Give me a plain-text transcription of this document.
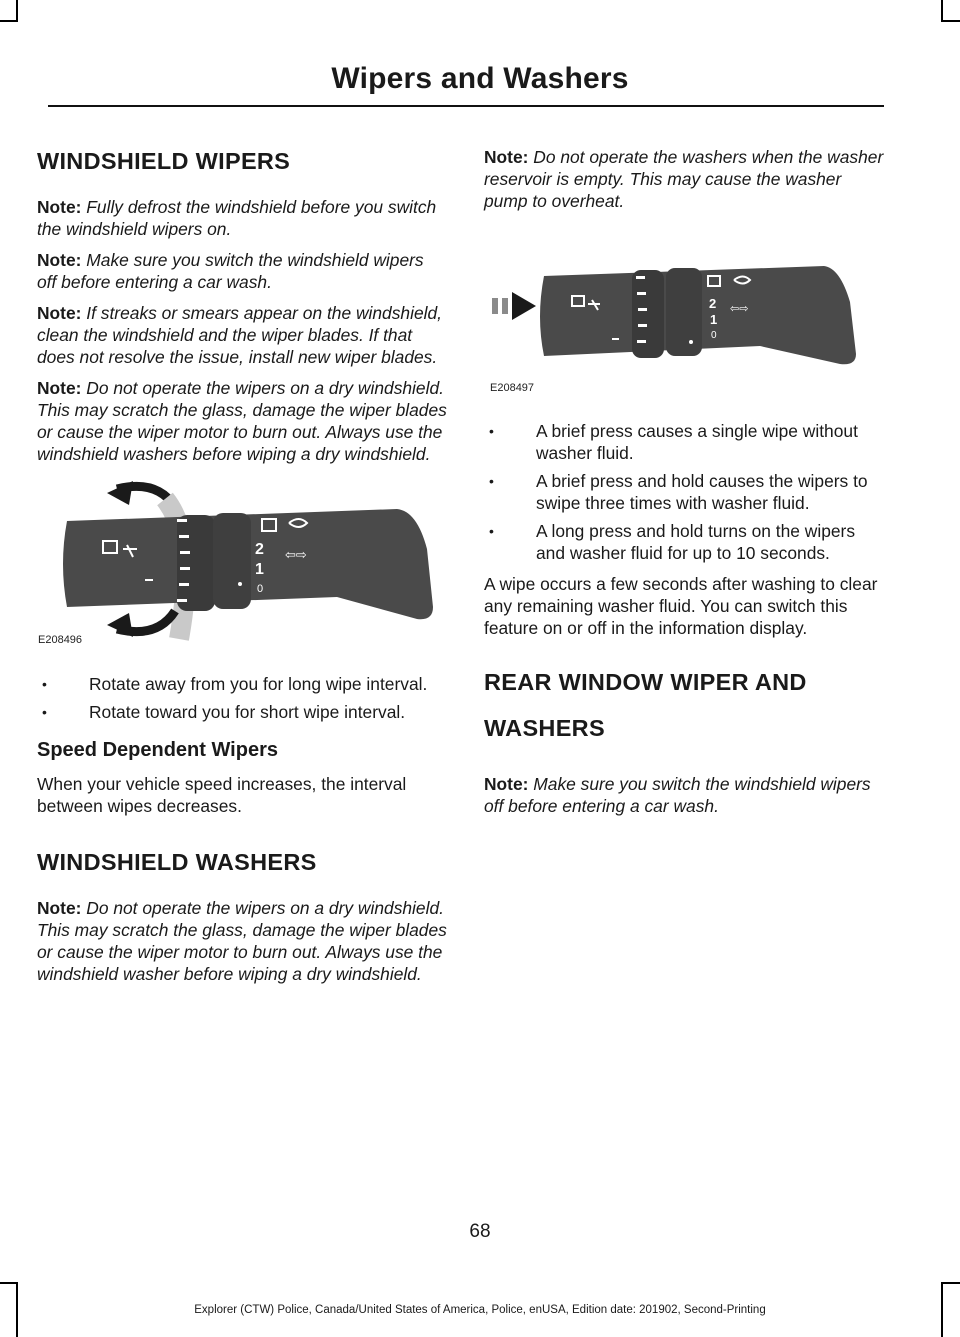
Wipers and Washers
WINDSHIELD WIPERS

Note: Fully defrost the windshield before you switch the windshield wipers on.

Note: Make sure you switch the windshield wipers off before entering a car wash.

Note: If streaks or smears appear on the windshield, clean the windshield and the wiper blades. If that does not resolve the issue, install new wiper blades.

Note: Do not operate the wipers on a dry windshield. This may scratch the glass, damage the wiper blades or cause the wiper motor to burn out. Always use the windshield washers before wiping a dry windshield.

⇦⇨
E208496
2
1
0
• Rotate away from you for long wipe interval.
• Rotate toward you for short wipe interval.
Speed Dependent Wipers

When your vehicle speed increases, the interval between wipes decreases.

WINDSHIELD WASHERS

Note: Do not operate the wipers on a dry windshield. This may scratch the glass, damage the wiper blades or cause the wiper motor to burn out. Always use the windshield washer before wiping a dry windshield.

Note: Do not operate the washers when the washer reservoir is empty. This may cause the washer pump to overheat.

⇦⇨
E208497
2
1
0
• A brief press causes a single wipe without washer fluid.
• A brief press and hold causes the wipers to swipe three times with washer fluid.
• A long press and hold turns on the wipers and washer fluid for up to 10 seconds.

A wipe occurs a few seconds after washing to clear any remaining washer fluid. You can switch this feature on or off in the information display.

REAR WINDOW WIPER AND
WASHERS

Note: Make sure you switch the windshield wipers off before entering a car wash.

68
Explorer (CTW) Police, Canada/United States of America, Police, enUSA, Edition date: 201902, Second-Printing
